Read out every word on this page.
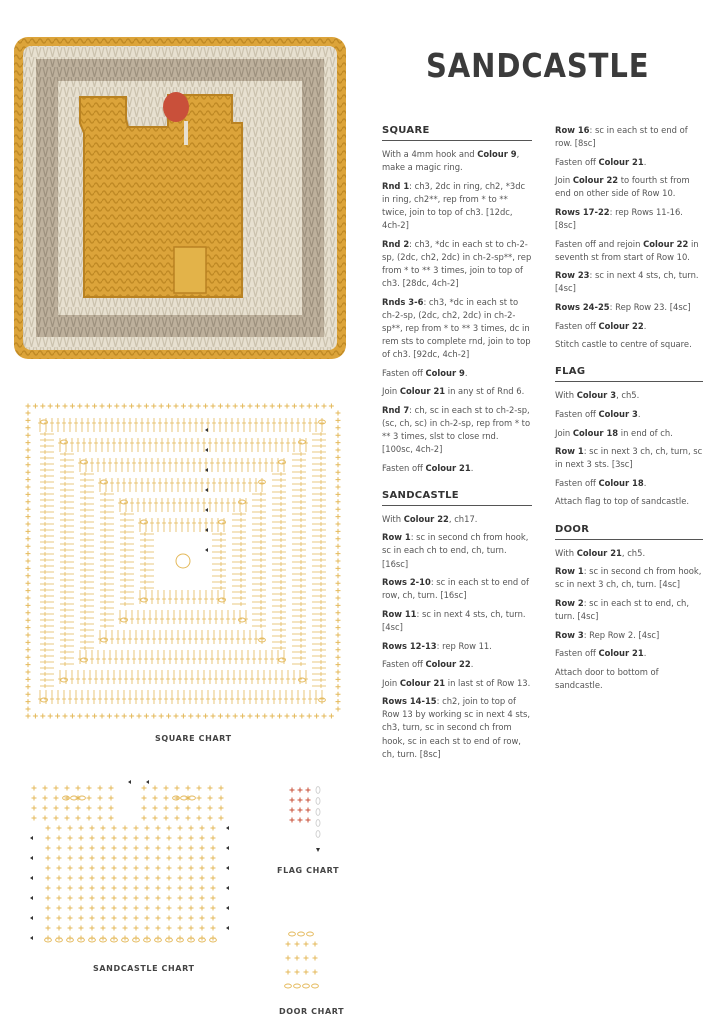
SANDCASTLE
SQUARE CHART
SANDCASTLE CHART
FLAG CHART
DOOR CHART
SQUARE

With a 4mm hook and Colour 9, make a magic ring.

Rnd 1: ch3, 2dc in ring, ch2, *3dc in ring, ch2**, rep from * to ** twice, join to top of ch3. [12dc, 4ch-2]

Rnd 2: ch3, *dc in each st to ch-2-sp, (2dc, ch2, 2dc) in ch-2-sp**, rep from * to ** 3 times, join to top of ch3. [28dc, 4ch-2]

Rnds 3-6: ch3, *dc in each st to ch-2-sp, (2dc, ch2, 2dc) in ch-2-sp**, rep from * to ** 3 times, dc in rem sts to complete rnd, join to top of ch3. [92dc, 4ch-2]

Fasten off Colour 9.

Join Colour 21 in any st of Rnd 6.

Rnd 7: ch, sc in each st to ch-2-sp, (sc, ch, sc) in ch-2-sp, rep from * to ** 3 times, slst to close rnd. [100sc, 4ch-2]

Fasten off Colour 21.

SANDCASTLE

With Colour 22, ch17.

Row 1: sc in second ch from hook, sc in each ch to end, ch, turn. [16sc]

Rows 2-10: sc in each st to end of row, ch, turn. [16sc]

Row 11: sc in next 4 sts, ch, turn. [4sc]

Rows 12-13: rep Row 11.

Fasten off Colour 22.

Join Colour 21 in last st of Row 13.

Rows 14-15: ch2, join to top of Row 13 by working sc in next 4 sts, ch3, turn, sc in second ch from hook, sc in each st to end of row, ch, turn. [8sc]

Row 16: sc in each st to end of row. [8sc]

Fasten off Colour 21.

Join Colour 22 to fourth st from end on other side of Row 10.

Rows 17-22: rep Rows 11-16. [8sc]

Fasten off and rejoin Colour 22 in seventh st from start of Row 10.

Row 23: sc in next 4 sts, ch, turn. [4sc]

Rows 24-25: Rep Row 23. [4sc]

Fasten off Colour 22.

Stitch castle to centre of square.

FLAG

With Colour 3, ch5.

Fasten off Colour 3.

Join Colour 18 in end of ch.

Row 1: sc in next 3 ch, ch, turn, sc in next 3 sts. [3sc]

Fasten off Colour 18.

Attach flag to top of sandcastle.

DOOR

With Colour 21, ch5.

Row 1: sc in second ch from hook, sc in next 3 ch, ch, turn. [4sc]

Row 2: sc in each st to end, ch, turn. [4sc]

Row 3: Rep Row 2. [4sc]

Fasten off Colour 21.

Attach door to bottom of sandcastle.
